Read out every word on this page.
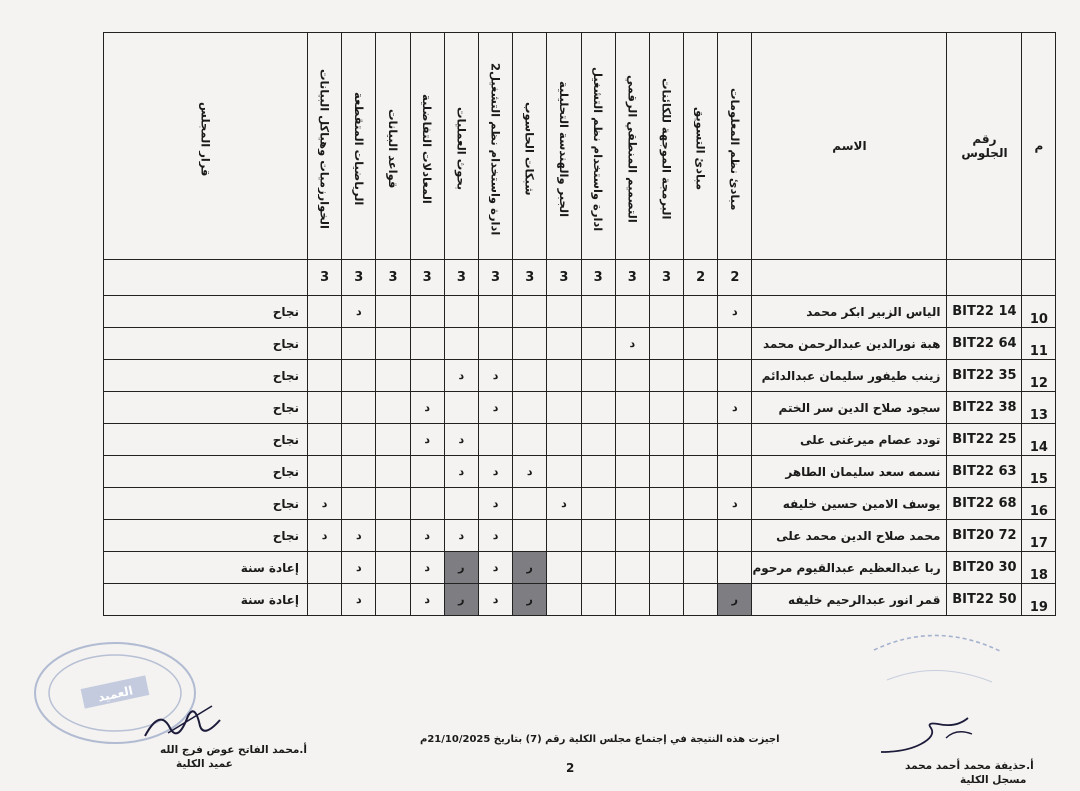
قرار المجلس	الخوارزميات وهياكل البيانات	الرياضيات المتقطعة	قواعد البيانات	المعادلات التفاضلية	بحوث العمليات	ادارة واستخدام نظم التشغيل2	شبكات الحاسوب	الجبر والهندسة التحليلية	ادارة واستخدام نظم التشغيل	التصميم المنطقي الرقمي	البرمجة الموجهة للكائنات	مبادئ التسويق	مبادئ نظم المعلومات	الاسم	رقم الجلوس	م
	3	3	3	3	3	3	3	3	3	3	3	2	2			
نجاح		د											د	الياس الزبير ابكر محمد	BIT22 14	10
نجاح										د				هبة نورالدين عبدالرحمن محمد	BIT22 64	11
نجاح					د	د								زينب طيفور سليمان عبدالدائم	BIT22 35	12
نجاح				د		د							د	سجود صلاح الدين سر الختم	BIT22 38	13
نجاح				د	د									تودد عصام ميرغنى على	BIT22 25	14
نجاح					د	د	د							نسمه سعد سليمان الطاهر	BIT22 63	15
نجاح	د					د		د					د	يوسف الامين حسين خليفه	BIT22 68	16
نجاح	د	د		د	د	د								محمد صلاح الدين محمد على	BIT20 72	17
إعادة سنة		د		د	ر	د	ر							ربا عبدالعظيم عبدالقيوم مرحوم	BIT20 30	18
إعادة سنة		د		د	ر	د	ر						ر	قمر انور عبدالرحيم خليفه	BIT22 50	19
اجيزت هذه النتيجة في إجتماع مجلس الكلية رقم (7) بتاريخ 21/10/2025م
2
أ.محمد الفاتح عوض فرج الله
عميد الكلية	أ.حذيفة محمد أحمد محمد
مسجل الكلية
العميد
